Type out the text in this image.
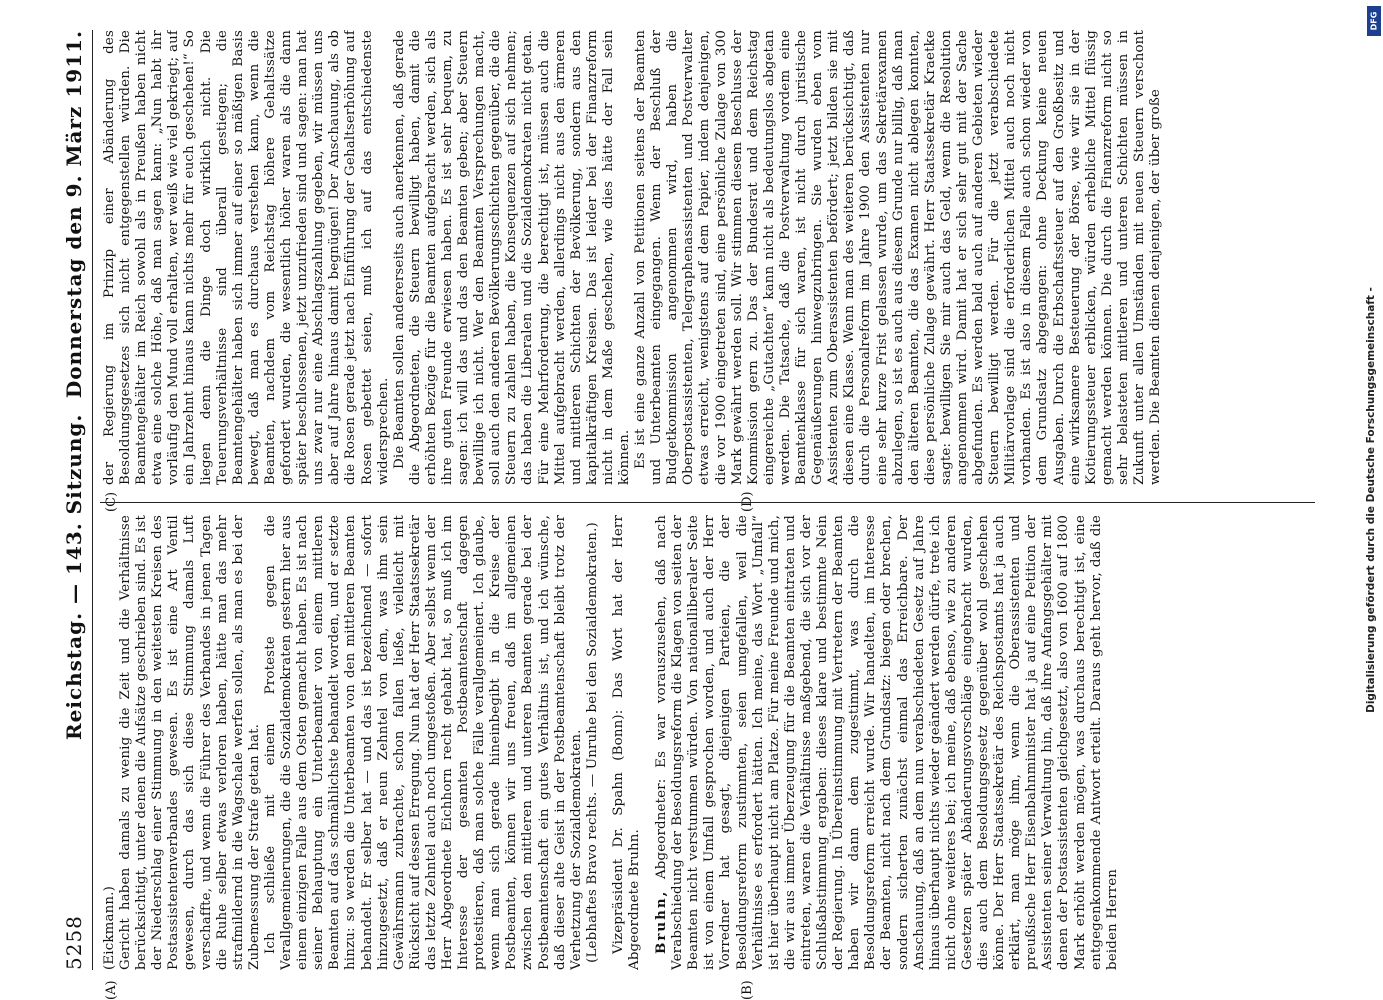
5258
Reichstag. — 143. Sitzung.
Donnerstag den 9. März 1911.
(A)	(B)
(C)	(D)

(Eickmann.) Gericht haben damals zu wenig die Zeit und die Verhältnisse berücksichtigt, unter denen die Aufsätze geschrieben sind. Es ist der Niederschlag einer Stimmung in den weitesten Kreisen des Postassistentenverbandes gewesen. Es ist eine Art Ventil gewesen, durch das sich diese Stimmung damals Luft verschaffte, und wenn die Führer des Verbandes in jenen Tagen die Ruhe selber etwas verloren haben, hätte man das mehr strafmildernd in die Wagschale werfen sollen, als man es bei der Zubemessung der Strafe getan hat. Ich schließe mit einem Proteste gegen die Verallgemeinerungen, die die Sozialdemokraten gestern hier aus einem einzigen Falle aus dem Osten gemacht haben. Es ist nach seiner Behauptung ein Unterbeamter von einem mittleren Beamten auf das schmählichste behandelt worden, und er setzte hinzu: so werden die Unterbeamten von den mittleren Beamten behandelt. Er selber hat — und das ist bezeichnend — sofort hinzugesetzt, daß er neun Zehntel von dem, was ihm sein Gewährsmann zubrachte, schon fallen ließe, vielleicht mit Rücksicht auf dessen Erregung. Nun hat der Herr Staatssekretär das letzte Zehntel auch noch umgestoßen. Aber selbst wenn der Herr Abgeordnete Eichhorn recht gehabt hat, so muß ich im Interesse der gesamten Postbeamtenschaft dagegen protestieren, daß man solche Fälle verallgemeinert. Ich glaube, wenn man sich gerade hineinbegibt in die Kreise der Postbeamten, können wir uns freuen, daß im allgemeinen zwischen den mittleren und unteren Beamten gerade bei der Postbeamtenschaft ein gutes Verhältnis ist, und ich wünsche, daß dieser alte Geist in der Postbeamtenschaft bleibt trotz der Verhetzung der Sozialdemokraten. (Lebhaftes Bravo rechts. — Unruhe bei den Sozialdemokraten.) Vizepräsident Dr. Spahn (Bonn): Das Wort hat der Herr Abgeordnete Bruhn. Bruhn, Abgeordneter: Es war vorauszusehen, daß nach Verabschiedung der Besoldungsreform die Klagen von seiten der Beamten nicht verstummen würden. Von nationalliberaler Seite ist von einem Umfall gesprochen worden, und auch der Herr Vorredner hat gesagt, diejenigen Parteien, die der Besoldungsreform zustimmten, seien umgefallen, weil die Verhältnisse es erfordert hätten. Ich meine, das Wort „Umfall“ ist hier überhaupt nicht am Platze. Für meine Freunde und mich, die wir aus immer Überzeugung für die Beamten eintraten und eintreten, waren die Verhältnisse maßgebend, die sich vor der Schlußabstimmung ergaben: dieses klare und bestimmte Nein der Regierung. In Übereinstimmung mit Vertretern der Beamten haben wir dann dem zugestimmt, was durch die Besoldungsreform erreicht wurde. Wir handelten, im Interesse der Beamten, nicht nach dem Grundsatz: biegen oder brechen, sondern sicherten zunächst einmal das Erreichbare. Der Anschauung, daß an dem nun verabschiedeten Gesetz auf Jahre hinaus überhaupt nichts wieder geändert werden dürfe, trete ich nicht ohne weiteres bei; ich meine, daß ebenso, wie zu anderen Gesetzen später Abänderungsvorschläge eingebracht wurden, dies auch dem Besoldungsgesetz gegenüber wohl geschehen könne. Der Herr Staatssekretär des Reichspostamts hat ja auch erklärt, man möge ihm, wenn die Oberassistenten und preußische Herr Eisenbahnminister hat ja auf eine Petition der Assistenten seiner Verwaltung hin, daß ihre Anfangsgehälter mit denen der Postassistenten gleichgesetzt, also von 1600 auf 1800 Mark erhöht werden mögen, was durchaus berechtigt ist, eine entgegenkommende Antwort erteilt. Daraus geht hervor, daß die beiden Herren

der Regierung im Prinzip einer Abänderung des Besoldungsgesetzes sich nicht entgegenstellen würden. Die Beamtengehälter im Reich sowohl als in Preußen haben nicht etwa eine solche Höhe, daß man sagen kann: „Nun habt ihr vorläufig den Mund voll erhalten, wer weiß wie viel gekriegt; auf ein Jahrzehnt hinaus kann nichts mehr für euch geschehen!“ So liegen denn die Dinge doch wirklich nicht. Die Teuerungsverhältnisse sind überall gestiegen; die Beamtengehälter haben sich immer auf einer so mäßigen Basis bewegt, daß man es durchaus verstehen kann, wenn die Beamten, nachdem vom Reichstag höhere Gehaltssätze gefordert wurden, die wesentlich höher waren als die dann später beschlossenen, jetzt unzufrieden sind und sagen: man hat uns zwar nur eine Abschlagszahlung gegeben, wir müssen uns aber auf Jahre hinaus damit begnügen! Der Anschauung, als ob die Rosen gerade jetzt nach Einführung der Gehaltserhöhung auf Rosen gebettet seien, muß ich auf das entschiedenste widersprechen. Die Beamten sollen andererseits auch anerkennen, daß gerade die Abgeordneten, die Steuern bewilligt haben, damit die erhöhten Bezüge für die Beamten aufgebracht werden, sich als ihre guten Freunde erwiesen haben. Es ist sehr bequem, zu sagen: ich will das und das den Beamten geben; aber Steuern bewillige ich nicht. Wer den Beamten Versprechungen macht, soll auch den anderen Bevölkerungsschichten gegenüber, die die Steuern zu zahlen haben, die Konsequenzen auf sich nehmen; das haben die Liberalen und die Sozialdemokraten nicht getan. Für eine Mehrforderung, die berechtigt ist, müssen auch die Mittel aufgebracht werden, allerdings nicht aus den ärmeren und mittleren Schichten der Bevölkerung, sondern aus den kapitalkräftigen Kreisen. Das ist leider bei der Finanzreform nicht in dem Maße geschehen, wie dies hätte der Fall sein können. Es ist eine ganze Anzahl von Petitionen seitens der Beamten und Unterbeamten eingegangen. Wenn der Beschluß der Budgetkommission angenommen wird, haben die Oberpostassistenten, Telegraphenassistenten und Postverwalter etwas erreicht, wenigstens auf dem Papier, indem denjenigen, die vor 1900 eingetreten sind, eine persönliche Zulage von 300 Mark gewährt werden soll. Wir stimmen diesem Beschlusse der Kommission gern zu. Das der Bundesrat und dem Reichstag eingereichte „Gutachten“ kann nicht als bedeutungslos abgetan werden. Die Tatsache, daß die Postverwaltung vordem eine Beamtenklasse für sich waren, ist nicht durch juristische Gegenäußerungen hinwegzubringen. Sie wurden eben vom Assistenten zum Oberassistenten befördert; jetzt bilden sie mit diesen eine Klasse. Wenn man des weiteren berücksichtigt, daß durch die Personalreform im Jahre 1900 den Assistenten nur eine sehr kurze Frist gelassen wurde, um das Sekretärexamen abzulegen, so ist es auch aus diesem Grunde nur billig, daß man den älteren Beamten, die das Examen nicht ablegen konnten, diese persönliche Zulage gewährt. Herr Staatssekretär Kraetke sagte: bewilligen Sie mir auch das Geld, wenn die Resolution angenommen wird. Damit hat er sich sehr gut mit der Sache abgefunden. Es werden bald auch auf anderen Gebieten wieder Steuern bewilligt werden. Für die jetzt verabschiedete Militärvorlage sind die erforderlichen Mittel auch noch nicht vorhanden. Es ist also in diesem Falle auch schon wieder von dem Grundsatz abgegangen: ohne Deckung keine neuen Ausgaben. Durch die Erbschaftssteuer auf den Großbesitz und eine wirksamere Besteuerung der Börse, wie wir sie in der Kotierungssteuer erblicken, würden erhebliche Mittel flüssig gemacht werden können. Die durch die Finanzreform nicht so sehr belasteten mittleren und unteren Schichten müssen in Zukunft unter allen Umständen mit neuen Steuern verschont werden. Die Beamten dienen denjenigen, der über große

DFG
Digitalisierung gefördert durch die Deutsche Forschungsgemeinschaft -
